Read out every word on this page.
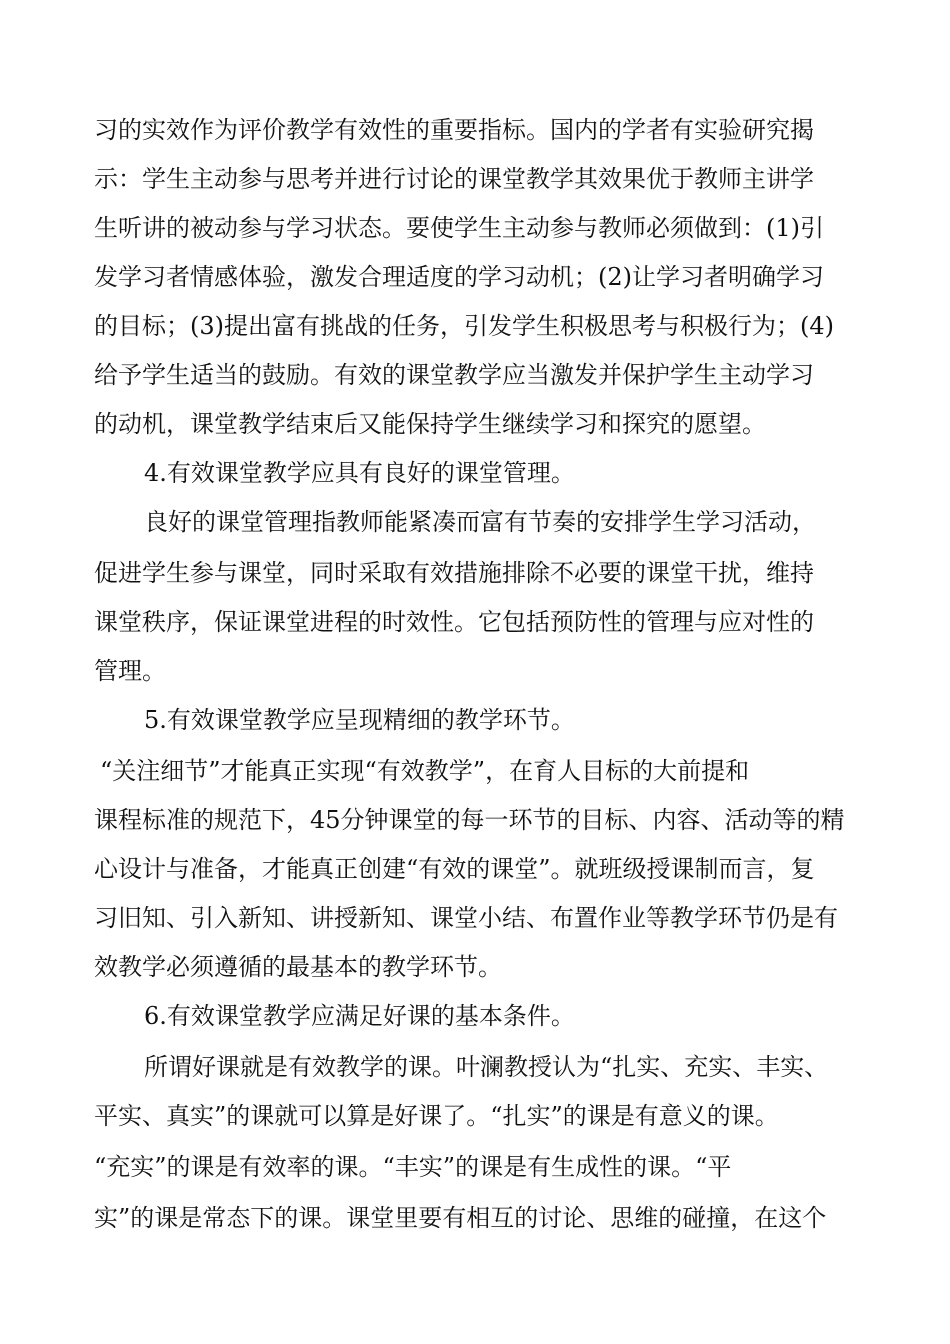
习的实效作为评价教学有效性的重要指标。国内的学者有实验研究揭
示：学生主动参与思考并进行讨论的课堂教学其效果优于教师主讲学
生听讲的被动参与学习状态。要使学生主动参与教师必须做到：(1)引
发学习者情感体验，激发合理适度的学习动机；(2)让学习者明确学习
的目标；(3)提出富有挑战的任务，引发学生积极思考与积极行为；(4)
给予学生适当的鼓励。有效的课堂教学应当激发并保护学生主动学习
的动机，课堂教学结束后又能保持学生继续学习和探究的愿望。
4.有效课堂教学应具有良好的课堂管理。
良好的课堂管理指教师能紧凑而富有节奏的安排学生学习活动，
促进学生参与课堂，同时采取有效措施排除不必要的课堂干扰，维持
课堂秩序，保证课堂进程的时效性。它包括预防性的管理与应对性的
管理。
5.有效课堂教学应呈现精细的教学环节。
“关注细节”才能真正实现“有效教学”，在育人目标的大前提和
课程标准的规范下，45分钟课堂的每一环节的目标、内容、活动等的精
心设计与准备，才能真正创建“有效的课堂”。就班级授课制而言，复
习旧知、引入新知、讲授新知、课堂小结、布置作业等教学环节仍是有
效教学必须遵循的最基本的教学环节。
6.有效课堂教学应满足好课的基本条件。
所谓好课就是有效教学的课。叶澜教授认为“扎实、充实、丰实、
平实、真实”的课就可以算是好课了。“扎实”的课是有意义的课。
“充实”的课是有效率的课。“丰实”的课是有生成性的课。“平
实”的课是常态下的课。课堂里要有相互的讨论、思维的碰撞，在这个
